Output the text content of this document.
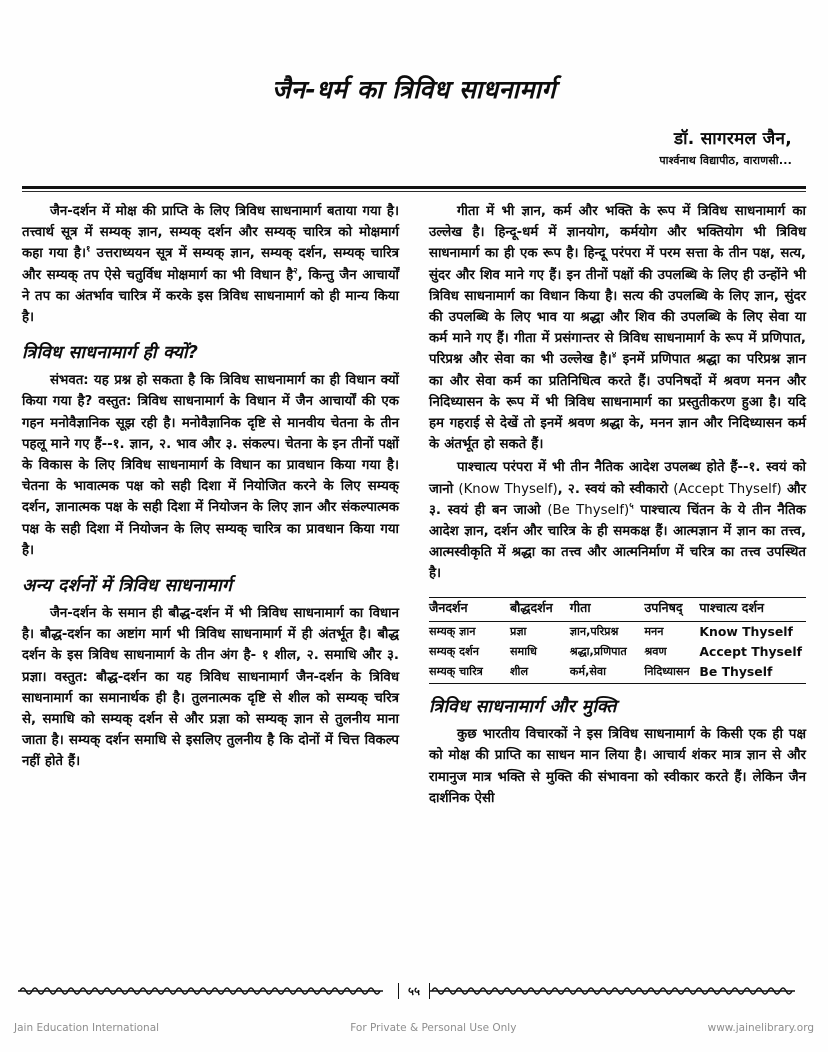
जैन-धर्म का त्रिविध साधनामार्ग
डॉ. सागरमल जैन,
पार्श्वनाथ विद्यापीठ, वाराणसी...
जैन-दर्शन में मोक्ष की प्राप्ति के लिए त्रिविध साधनामार्ग बताया गया है। तत्त्वार्थ सूत्र में सम्यक् ज्ञान, सम्यक् दर्शन और सम्यक् चारित्र को मोक्षमार्ग कहा गया है।$^१$ उत्तराध्ययन सूत्र में सम्यक् ज्ञान, सम्यक् दर्शन, सम्यक् चारित्र और सम्यक् तप ऐसे चतुर्विध मोक्षमार्ग का भी विधान है$^२$, किन्तु जैन आचार्यों ने तप का अंतर्भाव चारित्र में करके इस त्रिविध साधनामार्ग को ही मान्य किया है।
त्रिविध साधनामार्ग ही क्यों?
संभवत: यह प्रश्न हो सकता है कि त्रिविध साधनामार्ग का ही विधान क्यों किया गया है? वस्तुत: त्रिविध साधनामार्ग के विधान में जैन आचार्यों की एक गहन मनोवैज्ञानिक सूझ रही है। मनोवैज्ञानिक दृष्टि से मानवीय चेतना के तीन पहलू माने गए हैं--१. ज्ञान, २. भाव और ३. संकल्प। चेतना के इन तीनों पक्षों के विकास के लिए त्रिविध साधनामार्ग के विधान का प्रावधान किया गया है। चेतना के भावात्मक पक्ष को सही दिशा में नियोजित करने के लिए सम्यक् दर्शन, ज्ञानात्मक पक्ष के सही दिशा में नियोजन के लिए ज्ञान और संकल्पात्मक पक्ष के सही दिशा में नियोजन के लिए सम्यक् चारित्र का प्रावधान किया गया है।
अन्य दर्शनों में त्रिविध साधनामार्ग
जैन-दर्शन के समान ही बौद्ध-दर्शन में भी त्रिविध साधनामार्ग का विधान है। बौद्ध-दर्शन का अष्टांग मार्ग भी त्रिविध साधनामार्ग में ही अंतर्भूत है। बौद्ध दर्शन के इस त्रिविध साधनामार्ग के तीन अंग है- १ शील, २. समाधि और ३. प्रज्ञा। वस्तुत: बौद्ध-दर्शन का यह त्रिविध साधनामार्ग जैन-दर्शन के त्रिविध साधनामार्ग का समानार्थक ही है। तुलनात्मक दृष्टि से शील को सम्यक् चरित्र से, समाधि को सम्यक् दर्शन से और प्रज्ञा को सम्यक् ज्ञान से तुलनीय माना जाता है। सम्यक् दर्शन समाधि से इसलिए तुलनीय है कि दोनों में चित्त विकल्प नहीं होते हैं।
गीता में भी ज्ञान, कर्म और भक्ति के रूप में त्रिविध साधनामार्ग का उल्लेख है। हिन्दू-धर्म में ज्ञानयोग, कर्मयोग और भक्तियोग भी त्रिविध साधनामार्ग का ही एक रूप है। हिन्दू परंपरा में परम सत्ता के तीन पक्ष, सत्य, सुंदर और शिव माने गए हैं। इन तीनों पक्षों की उपलब्धि के लिए ही उन्होंने भी त्रिविध साधनामार्ग का विधान किया है। सत्य की उपलब्धि के लिए ज्ञान, सुंदर की उपलब्धि के लिए भाव या श्रद्धा और शिव की उपलब्धि के लिए सेवा या कर्म माने गए हैं। गीता में प्रसंगान्तर से त्रिविध साधनामार्ग के रूप में प्रणिपात, परिप्रश्न और सेवा का भी उल्लेख है।$^४$ इनमें प्रणिपात श्रद्धा का परिप्रश्न ज्ञान का और सेवा कर्म का प्रतिनिधित्व करते हैं। उपनिषदों में श्रवण मनन और निदिध्यासन के रूप में भी त्रिविध साधनामार्ग का प्रस्तुतीकरण हुआ है। यदि हम गहराई से देखें तो इनमें श्रवण श्रद्धा के, मनन ज्ञान और निदिध्यासन कर्म के अंतर्भूत हो सकते हैं।
पाश्चात्य परंपरा में भी तीन नैतिक आदेश उपलब्ध होते हैं--१. स्वयं को जानो (Know Thyself), २. स्वयं को स्वीकारो (Accept Thyself) और ३. स्वयं ही बन जाओ (Be Thyself)$^५$ पाश्चात्य चिंतन के ये तीन नैतिक आदेश ज्ञान, दर्शन और चारित्र के ही समकक्ष हैं। आत्मज्ञान में ज्ञान का तत्त्व, आत्मस्वीकृति में श्रद्धा का तत्त्व और आत्मनिर्माण में चरित्र का तत्त्व उपस्थित है।
जैनदर्शन	बौद्धदर्शन	गीता	उपनिषद्	पाश्चात्य दर्शन
सम्यक् ज्ञान	प्रज्ञा	ज्ञान,परिप्रश्न	मनन	Know Thyself
सम्यक् दर्शन	समाधि	श्रद्धा,प्रणिपात	श्रवण	Accept Thyself
सम्यक् चारित्र	शील	कर्म,सेवा	निदिध्यासन	Be Thyself
त्रिविध साधनामार्ग और मुक्ति
कुछ भारतीय विचारकों ने इस त्रिविध साधनामार्ग के किसी एक ही पक्ष को मोक्ष की प्राप्ति का साधन मान लिया है। आचार्य शंकर मात्र ज्ञान से और रामानुज मात्र भक्ति से मुक्ति की संभावना को स्वीकार करते हैं। लेकिन जैन दार्शनिक ऐसी
५५
Jain Education International	For Private & Personal Use Only	www.jainelibrary.org
